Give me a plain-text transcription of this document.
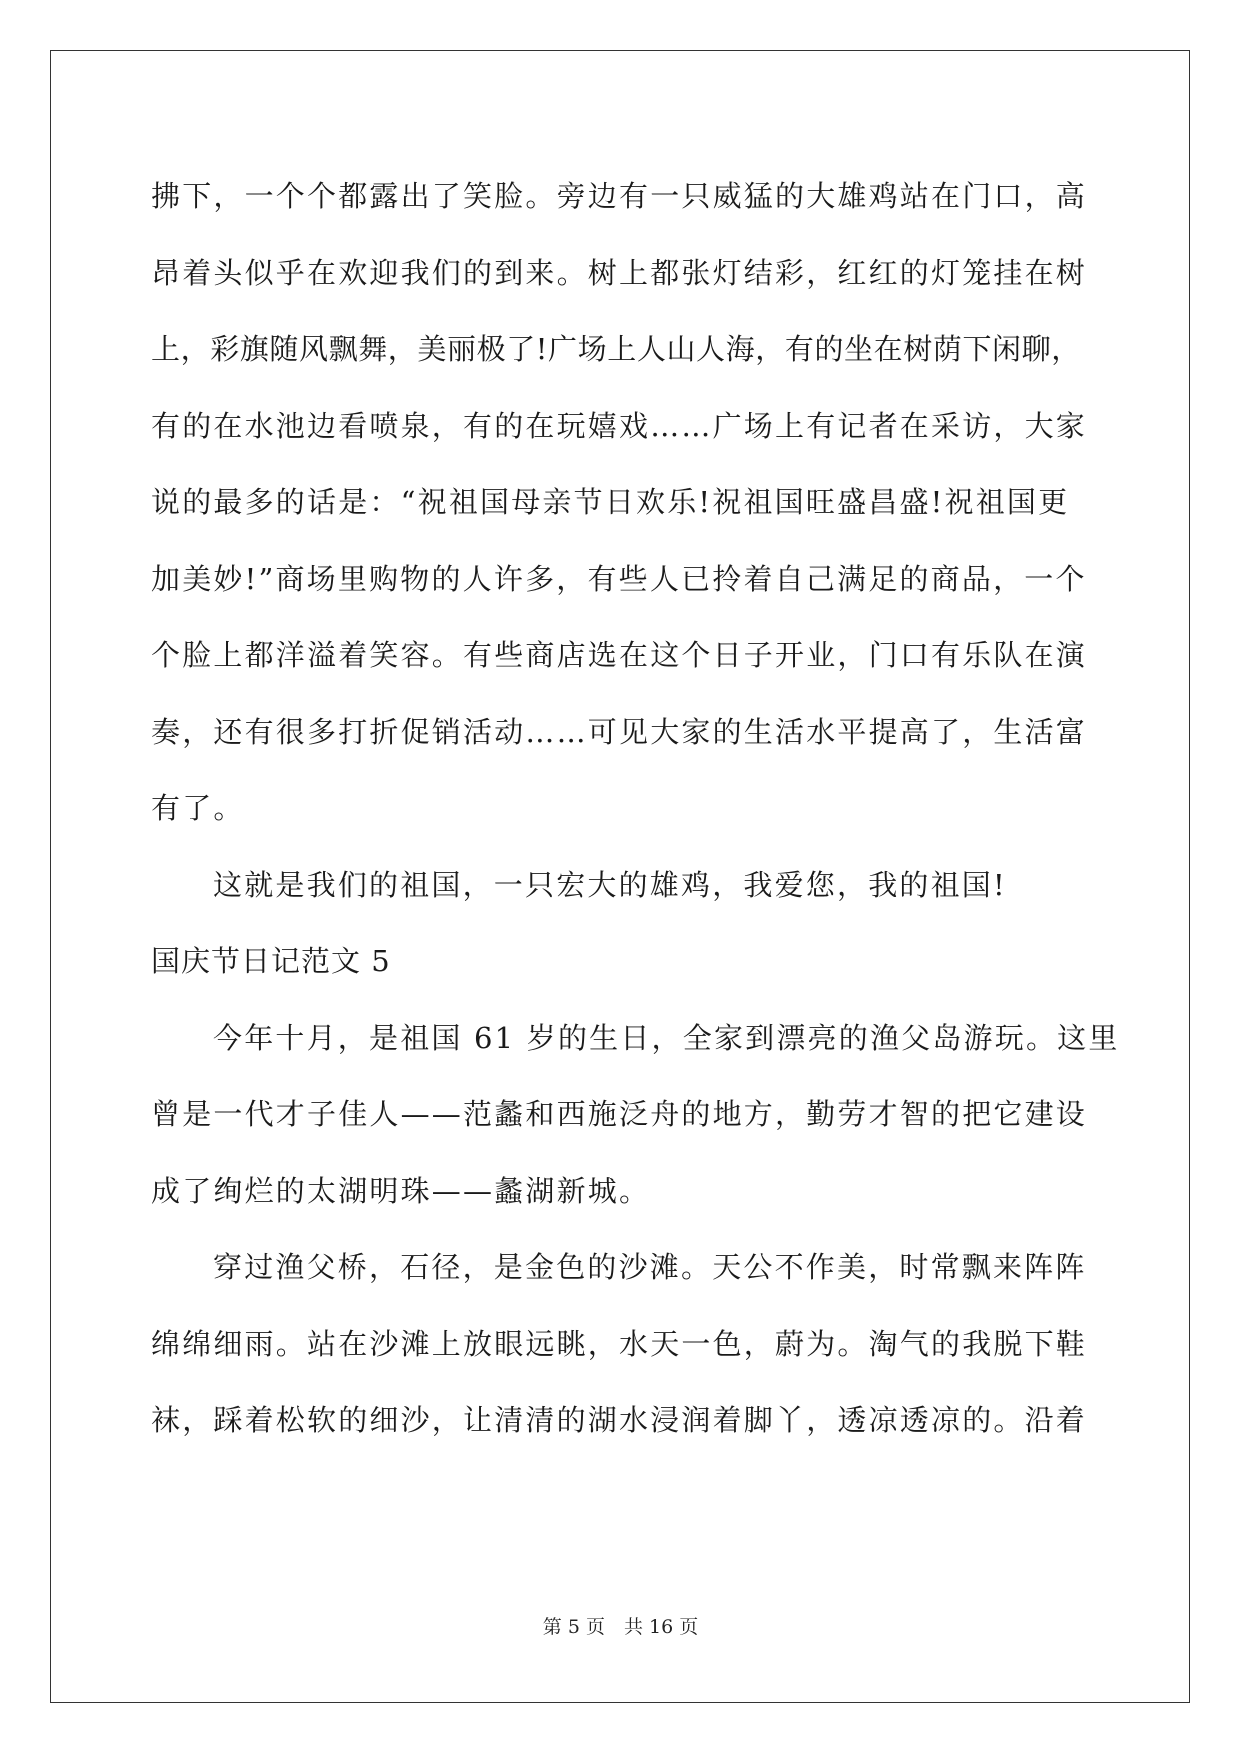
拂下，一个个都露出了笑脸。旁边有一只威猛的大雄鸡站在门口，高
昂着头似乎在欢迎我们的到来。树上都张灯结彩，红红的灯笼挂在树
上，彩旗随风飘舞，美丽极了!广场上人山人海，有的坐在树荫下闲聊，
有的在水池边看喷泉，有的在玩嬉戏……广场上有记者在采访，大家
说的最多的话是：“祝祖国母亲节日欢乐!祝祖国旺盛昌盛!祝祖国更
加美妙!”商场里购物的人许多，有些人已拎着自己满足的商品，一个
个脸上都洋溢着笑容。有些商店选在这个日子开业，门口有乐队在演
奏，还有很多打折促销活动……可见大家的生活水平提高了，生活富
有了。
这就是我们的祖国，一只宏大的雄鸡，我爱您，我的祖国!
国庆节日记范文 5
今年十月，是祖国 61 岁的生日，全家到漂亮的渔父岛游玩。这里
曾是一代才子佳人——范蠡和西施泛舟的地方，勤劳才智的把它建设
成了绚烂的太湖明珠——蠡湖新城。
穿过渔父桥，石径，是金色的沙滩。天公不作美，时常飘来阵阵
绵绵细雨。站在沙滩上放眼远眺，水天一色，蔚为。淘气的我脱下鞋
袜，踩着松软的细沙，让清清的湖水浸润着脚丫，透凉透凉的。沿着
第 5 页　共 16 页
